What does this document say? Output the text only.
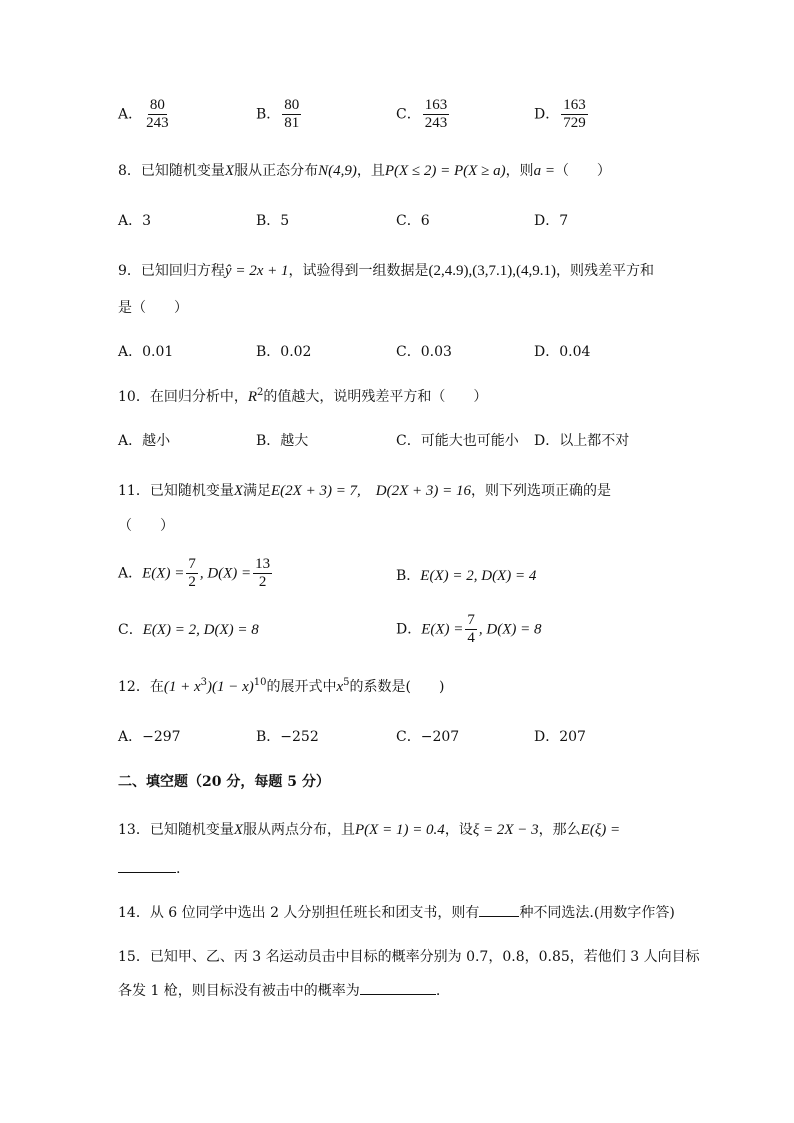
A． $\frac{80}{243}$	B． $\frac{80}{81}$	C． $\frac{163}{243}$	D． $\frac{163}{729}$
8．已知随机变量X服从正态分布N(4,9)，且P(X ≤ 2) = P(X ≥ a)，则a =（　　）
A．3	B．5	C．6	D．7
9．已知回归方程ŷ = 2x + 1，试验得到一组数据是(2,4.9),(3,7.1),(4,9.1)，则残差平方和
是（　　）
A．0.01	B．0.02	C．0.03	D．0.04
10．在回归分析中，$R^2$的值越大，说明残差平方和（　　）
A．越小	B．越大	C．可能大也可能小 D．以上都不对
11．已知随机变量X满足E(2X + 3) = 7,　D(2X + 3) = 16，则下列选项正确的是
（　　）
A．$E(X) = \frac{7}{2}$ , $D(X) = \frac{13}{2}$	B．E(X) = 2, D(X) = 4
C．E(X) = 2, D(X) = 8	D．$E(X) = \frac{7}{4}$ , D(X) = 8
12．在$(1 + x^3)(1 - x)^{10}$的展开式中$x^5$的系数是(　　)
A．−297	B．−252	C．−207	D．207
二、填空题（20 分，每题 5 分）
13．已知随机变量X服从两点分布，且P(X = 1) = 0.4，设ξ = 2X − 3，那么E(ξ) =
.
14．从 6 位同学中选出 2 人分别担任班长和团支书，则有	种不同选法.(用数字作答)
15．已知甲、乙、丙 3 名运动员击中目标的概率分别为 0.7，0.8，0.85，若他们 3 人向目标
各发 1 枪，则目标没有被击中的概率为	.
